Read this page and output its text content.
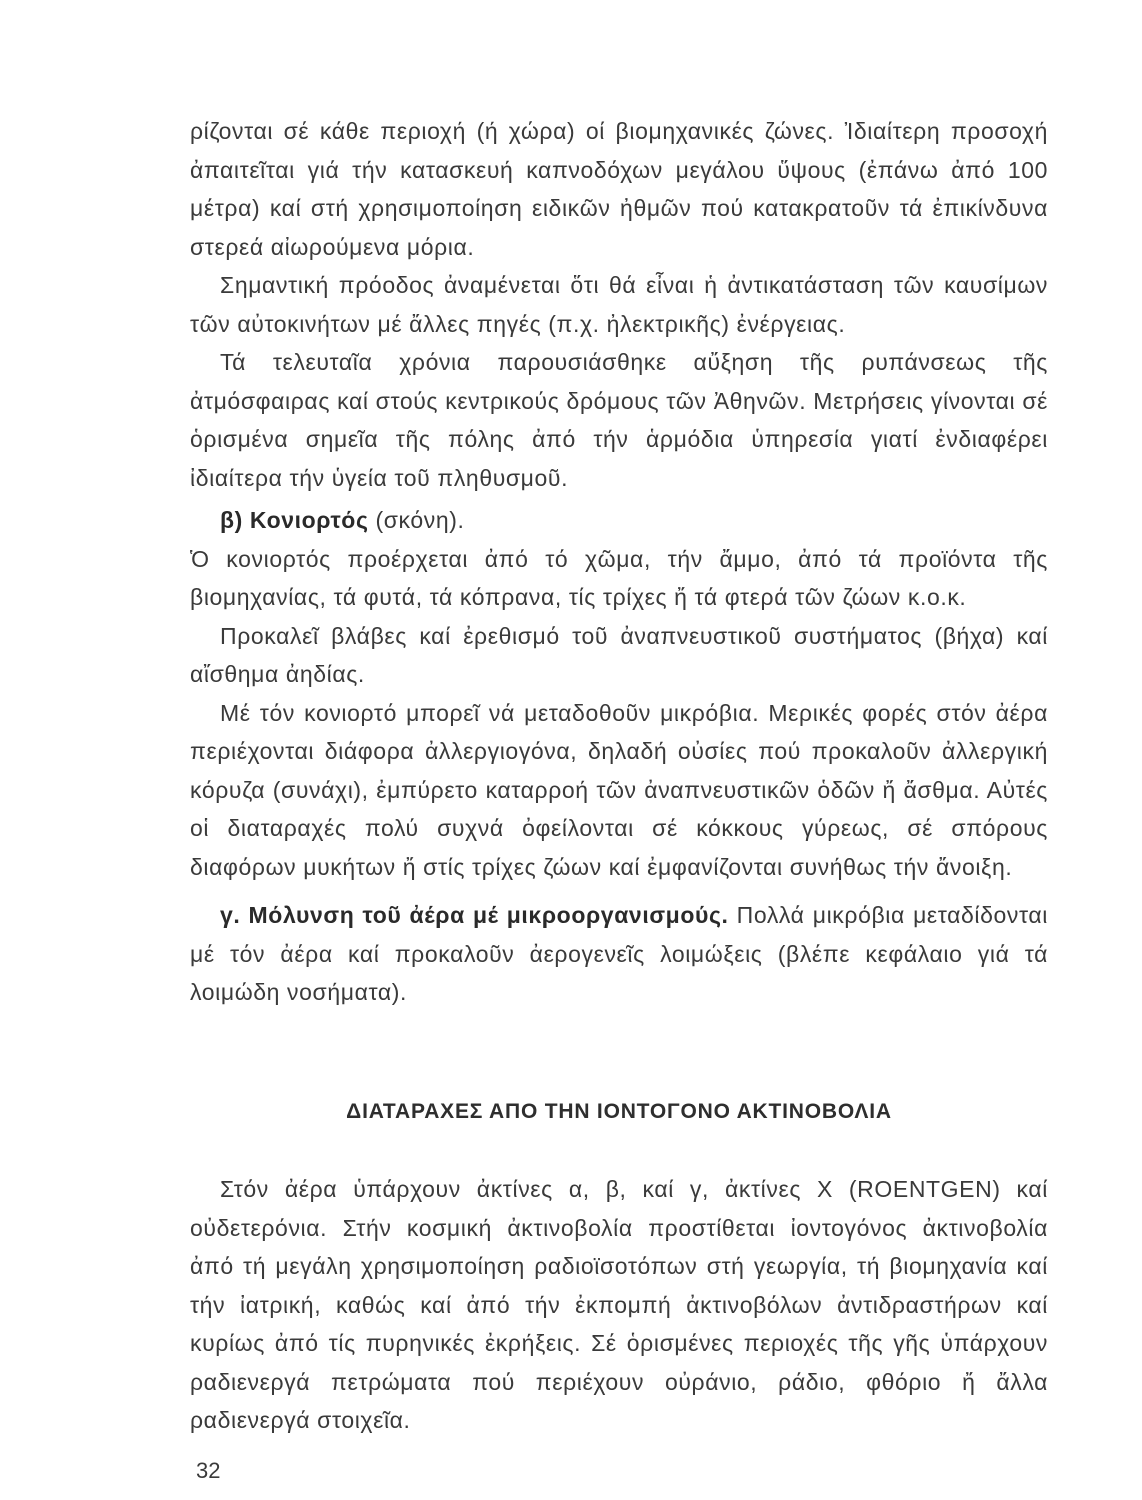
ρίζονται σέ κάθε περιοχή (ή χώρα) οί βιομηχανικές ζώνες. Ἰδιαίτερη προσοχή ἀπαιτεῖται γιά τήν κατασκευή καπνοδόχων μεγάλου ὕψους (ἐπάνω ἀπό 100 μέτρα) καί στή χρησιμοποίηση ειδικῶν ἠθμῶν πού κατακρατοῦν τά ἐπικίνδυνα στερεά αἰωρούμενα μόρια.

Σημαντική πρόοδος ἀναμένεται ὅτι θά εἶναι ἡ ἀντικατάσταση τῶν καυσίμων τῶν αὐτοκινήτων μέ ἄλλες πηγές (π.χ. ἠλεκτρικῆς) ἐνέργειας.

Τά τελευταῖα χρόνια παρουσιάσθηκε αὔξηση τῆς ρυπάνσεως τῆς ἀτμόσφαιρας καί στούς κεντρικούς δρόμους τῶν Ἀθηνῶν. Μετρήσεις γίνονται σέ ὁρισμένα σημεῖα τῆς πόλης ἀπό τήν ἁρμόδια ὑπηρεσία γιατί ἐνδιαφέρει ἰδιαίτερα τήν ὑγεία τοῦ πληθυσμοῦ.

β) Κονιορτός (σκόνη).

Ὁ κονιορτός προέρχεται ἀπό τό χῶμα, τήν ἄμμο, ἀπό τά προϊόντα τῆς βιομηχανίας, τά φυτά, τά κόπρανα, τίς τρίχες ἤ τά φτερά τῶν ζώων κ.ο.κ.

Προκαλεῖ βλάβες καί ἐρεθισμό τοῦ ἀναπνευστικοῦ συστήματος (βήχα) καί αἴσθημα ἀηδίας.

Μέ τόν κονιορτό μπορεῖ νά μεταδοθοῦν μικρόβια. Μερικές φορές στόν ἀέρα περιέχονται διάφορα ἀλλεργιογόνα, δηλαδή οὐσίες πού προκαλοῦν ἀλλεργική κόρυζα (συνάχι), ἐμπύρετο καταρροή τῶν ἀναπνευστικῶν ὁδῶν ἤ ἄσθμα. Αὐτές οἱ διαταραχές πολύ συχνά ὀφείλονται σέ κόκκους γύρεως, σέ σπόρους διαφόρων μυκήτων ἤ στίς τρίχες ζώων καί ἐμφανίζονται συνήθως τήν ἄνοιξη.

γ. Μόλυνση τοῦ ἀέρα μέ μικροοργανισμούς. Πολλά μικρόβια μεταδίδονται μέ τόν ἀέρα καί προκαλοῦν ἀερογενεῖς λοιμώξεις (βλέπε κεφάλαιο γιά τά λοιμώδη νοσήματα).

ΔΙΑΤΑΡΑΧΕΣ ΑΠΟ ΤΗΝ ΙΟΝΤΟΓΟΝΟ ΑΚΤΙΝΟΒΟΛΙΑ

Στόν ἀέρα ὑπάρχουν ἀκτίνες α, β, καί γ, ἀκτίνες Χ (ROENTGEN) καί οὐδετερόνια. Στήν κοσμική ἀκτινοβολία προστίθεται ἰοντογόνος ἀκτινοβολία ἀπό τή μεγάλη χρησιμοποίηση ραδιοϊσοτόπων στή γεωργία, τή βιομηχανία καί τήν ἰατρική, καθώς καί ἀπό τήν ἐκπομπή ἀκτινοβόλων ἀντιδραστήρων καί κυρίως ἀπό τίς πυρηνικές ἐκρήξεις. Σέ ὁρισμένες περιοχές τῆς γῆς ὑπάρχουν ραδιενεργά πετρώματα πού περιέχουν οὐράνιο, ράδιο, φθόριο ἤ ἄλλα ραδιενεργά στοιχεῖα.

32
